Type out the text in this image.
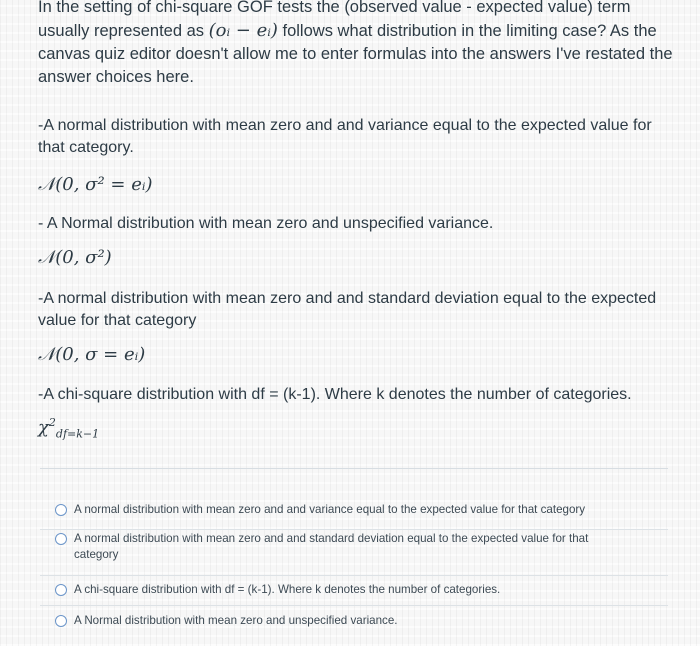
In the setting of chi-square GOF tests the (observed value - expected value) term usually represented as (oᵢ − eᵢ) follows what distribution in the limiting case? As the canvas quiz editor doesn't allow me to enter formulas into the answers I've restated the answer choices here.

-A normal distribution with mean zero and and variance equal to the expected value for that category.

𝒩(0, σ² = eᵢ)

- A Normal distribution with mean zero and unspecified variance.

𝒩(0, σ²)

-A normal distribution with mean zero and and standard deviation equal to the expected value for that category

𝒩(0, σ = eᵢ)

-A chi-square distribution with df = (k-1). Where k denotes the number of categories.

$\chi^2_{df=k-1}$

A normal distribution with mean zero and and variance equal to the expected value for that category
A normal distribution with mean zero and and standard deviation equal to the expected value for that category
A chi-square distribution with df = (k-1). Where k denotes the number of categories.
A Normal distribution with mean zero and unspecified variance.
